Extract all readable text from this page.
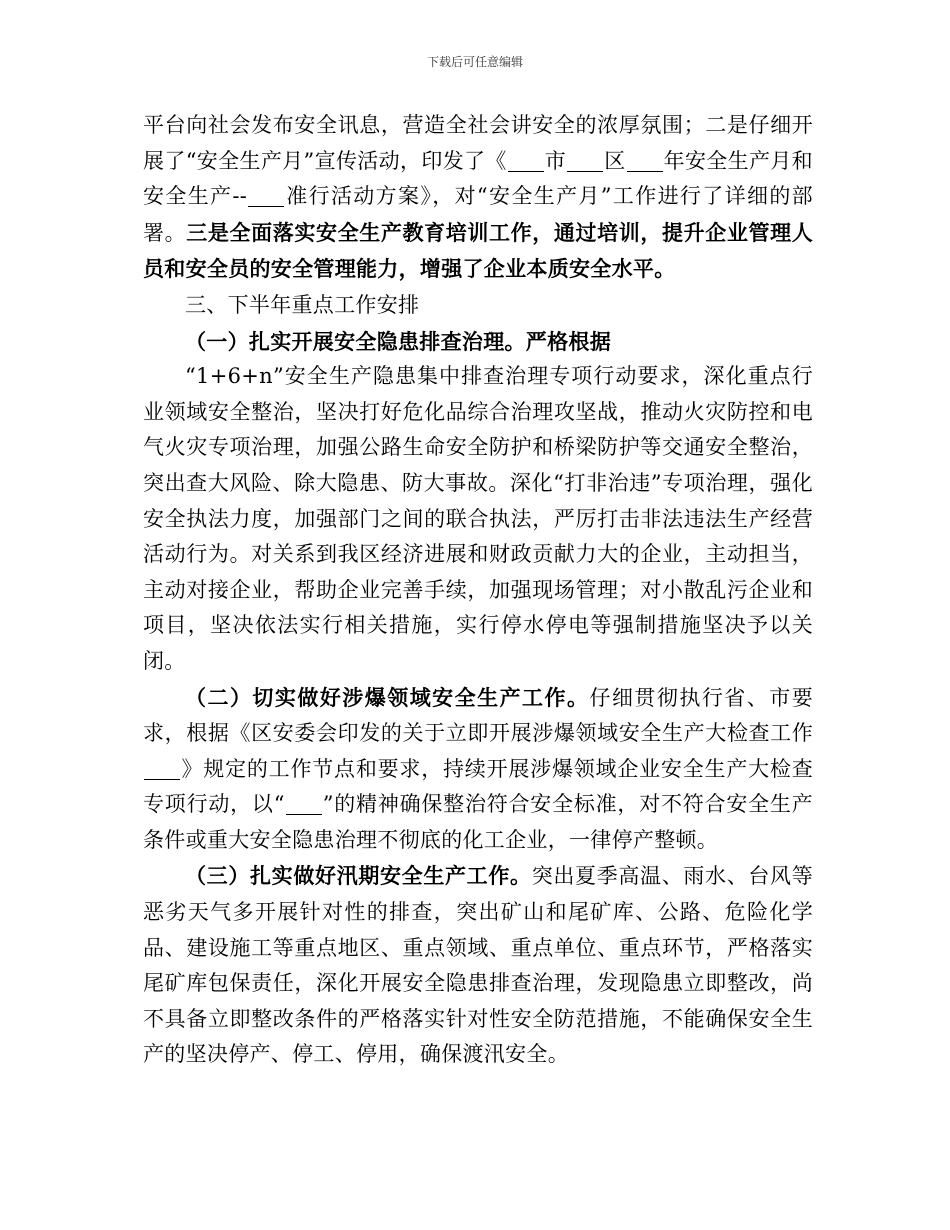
下载后可任意编辑

平台向社会发布安全讯息，营造全社会讲安全的浓厚氛围；二是仔细开展了“安全生产月”宣传活动，印发了《 市 区 年安全生产月和安全生产-- 准行活动方案》，对“安全生产月”工作进行了详细的部署。三是全面落实安全生产教育培训工作，通过培训，提升企业管理人员和安全员的安全管理能力，增强了企业本质安全水平。

三、下半年重点工作安排

（一）扎实开展安全隐患排查治理。严格根据

“1+6+n”安全生产隐患集中排查治理专项行动要求，深化重点行业领域安全整治，坚决打好危化品综合治理攻坚战，推动火灾防控和电气火灾专项治理，加强公路生命安全防护和桥梁防护等交通安全整治，突出查大风险、除大隐患、防大事故。深化“打非治违”专项治理，强化安全执法力度，加强部门之间的联合执法，严厉打击非法违法生产经营活动行为。对关系到我区经济进展和财政贡献力大的企业，主动担当，主动对接企业，帮助企业完善手续，加强现场管理；对小散乱污企业和项目，坚决依法实行相关措施，实行停水停电等强制措施坚决予以关闭。

（二）切实做好涉爆领域安全生产工作。仔细贯彻执行省、市要求，根据《区安委会印发的关于立即开展涉爆领域安全生产大检查工作》规定的工作节点和要求，持续开展涉爆领域企业安全生产大检查专项行动，以“ ”的精神确保整治符合安全标准，对不符合安全生产条件或重大安全隐患治理不彻底的化工企业，一律停产整顿。

（三）扎实做好汛期安全生产工作。突出夏季高温、雨水、台风等恶劣天气多开展针对性的排查，突出矿山和尾矿库、公路、危险化学品、建设施工等重点地区、重点领域、重点单位、重点环节，严格落实尾矿库包保责任，深化开展安全隐患排查治理，发现隐患立即整改，尚不具备立即整改条件的严格落实针对性安全防范措施，不能确保安全生产的坚决停产、停工、停用，确保渡汛安全。
